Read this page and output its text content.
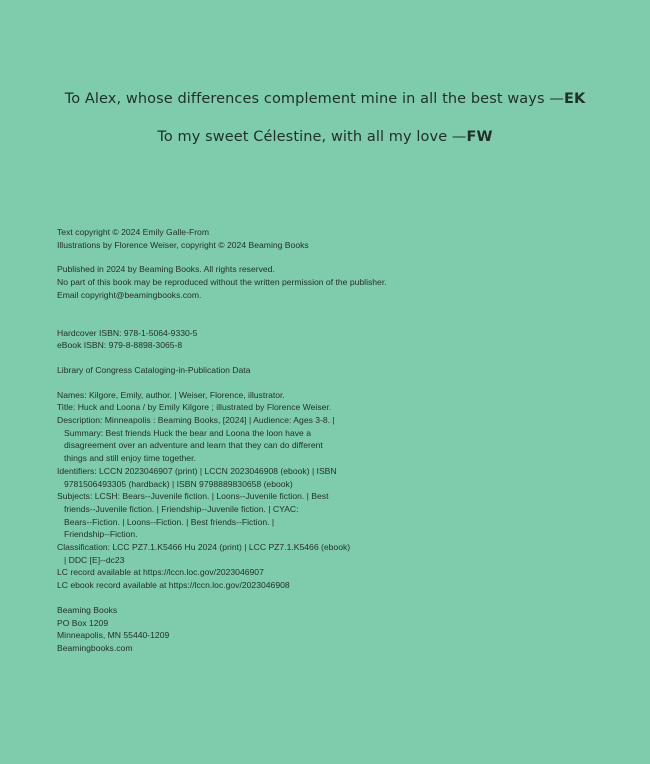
To Alex, whose differences complement mine in all the best ways —EK
To my sweet Célestine, with all my love —FW
Text copyright © 2024 Emily Galle-From
Illustrations by Florence Weiser, copyright © 2024 Beaming Books
Published in 2024 by Beaming Books. All rights reserved.
No part of this book may be reproduced without the written permission of the publisher.
Email copyright@beamingbooks.com.
Hardcover ISBN: 978-1-5064-9330-5
eBook ISBN: 979-8-8898-3065-8
Library of Congress Cataloging-in-Publication Data
Names: Kilgore, Emily, author. | Weiser, Florence, illustrator.
Title: Huck and Loona / by Emily Kilgore ; illustrated by Florence Weiser.
Description: Minneapolis : Beaming Books, [2024] | Audience: Ages 3-8. |
Summary: Best friends Huck the bear and Loona the loon have a
disagreement over an adventure and learn that they can do different
things and still enjoy time together.
Identifiers: LCCN 2023046907 (print) | LCCN 2023046908 (ebook) | ISBN
9781506493305 (hardback) | ISBN 9798889830658 (ebook)
Subjects: LCSH: Bears--Juvenile fiction. | Loons--Juvenile fiction. | Best
friends--Juvenile fiction. | Friendship--Juvenile fiction. | CYAC:
Bears--Fiction. | Loons--Fiction. | Best friends--Fiction. |
Friendship--Fiction.
Classification: LCC PZ7.1.K5466 Hu 2024 (print) | LCC PZ7.1.K5466 (ebook)
| DDC [E]--dc23
LC record available at https://lccn.loc.gov/2023046907
LC ebook record available at https://lccn.loc.gov/2023046908
Beaming Books
PO Box 1209
Minneapolis, MN 55440-1209
Beamingbooks.com
